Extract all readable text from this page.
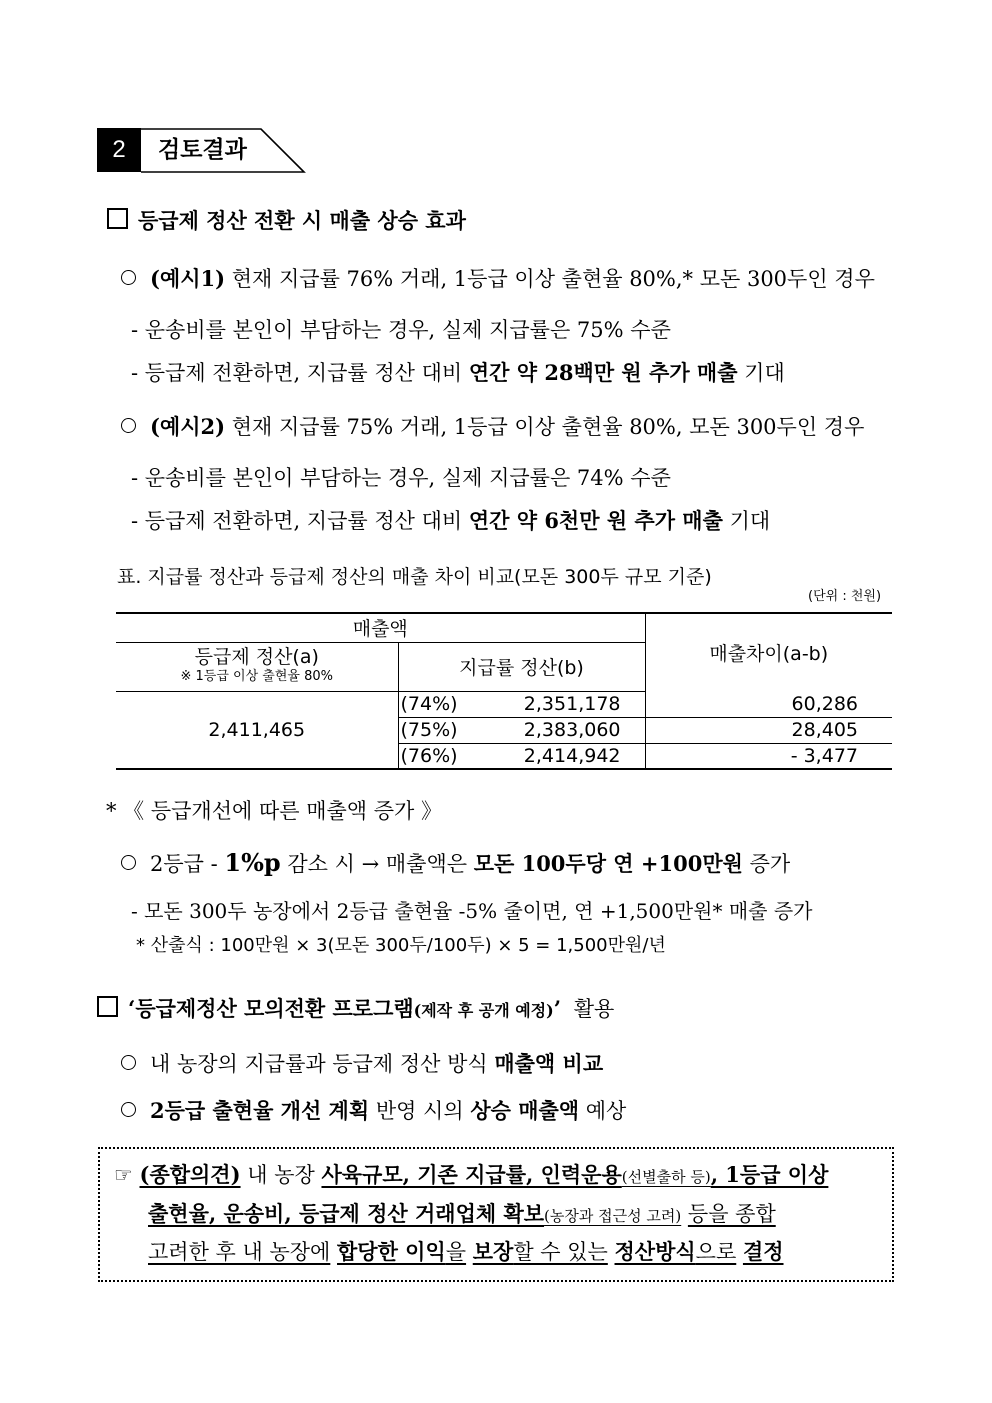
2	검토결과
등급제 정산 전환 시 매출 상승 효과
(예시1) 현재 지급률 76% 거래, 1등급 이상 출현율 80%,* 모돈 300두인 경우
- 운송비를 본인이 부담하는 경우, 실제 지급률은 75% 수준
- 등급제 전환하면, 지급률 정산 대비 연간 약 28백만 원 추가 매출 기대
(예시2) 현재 지급률 75% 거래, 1등급 이상 출현율 80%, 모돈 300두인 경우
- 운송비를 본인이 부담하는 경우, 실제 지급률은 74% 수준
- 등급제 전환하면, 지급률 정산 대비 연간 약 6천만 원 추가 매출 기대
표. 지급률 정산과 등급제 정산의 매출 차이 비교(모돈 300두 규모 기준)
(단위 : 천원)
매출액			매출차이(a-b)

등급제 정산(a)
※ 1등급 이상 출현율 80%	지급률 정산(b)		
2,411,465	(74%)	2,351,178	60,286
	(75%)	2,383,060	28,405
	(76%)	2,414,942	- 3,477
* 《 등급개선에 따른 매출액 증가 》
2등급 - 1%p 감소 시 → 매출액은 모돈 100두당 연 +100만원 증가
- 모돈 300두 농장에서 2등급 출현율 -5% 줄이면, 연 +1,500만원* 매출 증가
* 산출식 : 100만원 × 3(모돈 300두/100두) × 5 = 1,500만원/년
‘등급제정산 모의전환 프로그램(제작 후 공개 예정)’ 활용
내 농장의 지급률과 등급제 정산 방식 매출액 비교
2등급 출현율 개선 계획 반영 시의 상승 매출액 예상
☞ (종합의견) 내 농장 사육규모, 기존 지급률, 인력운용(선별출하 등), 1등급 이상
출현율, 운송비, 등급제 정산 거래업체 확보(농장과 접근성 고려) 등을 종합
고려한 후 내 농장에 합당한 이익을 보장할 수 있는 정산방식으로 결정
